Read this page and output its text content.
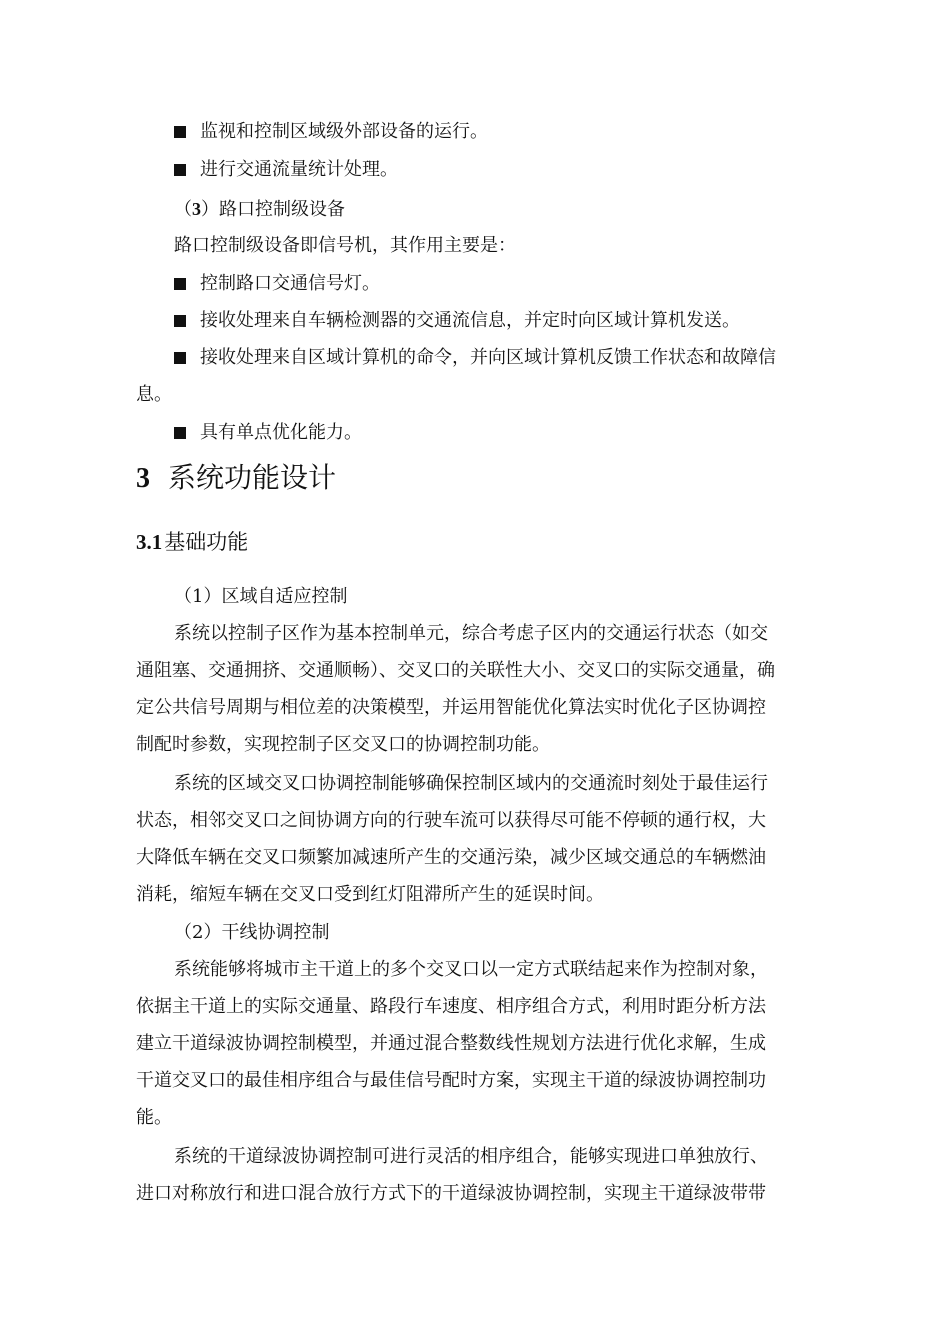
监视和控制区域级外部设备的运行。
进行交通流量统计处理。
（3）路口控制级设备
路口控制级设备即信号机，其作用主要是：
控制路口交通信号灯。
接收处理来自车辆检测器的交通流信息，并定时向区域计算机发送。
接收处理来自区域计算机的命令，并向区域计算机反馈工作状态和故障信
息。
具有单点优化能力。
3 系统功能设计
3.1基础功能
（1）区域自适应控制
系统以控制子区作为基本控制单元，综合考虑子区内的交通运行状态（如交
通阻塞、交通拥挤、交通顺畅）、交叉口的关联性大小、交叉口的实际交通量，确
定公共信号周期与相位差的决策模型，并运用智能优化算法实时优化子区协调控
制配时参数，实现控制子区交叉口的协调控制功能。
系统的区域交叉口协调控制能够确保控制区域内的交通流时刻处于最佳运行
状态，相邻交叉口之间协调方向的行驶车流可以获得尽可能不停顿的通行权，大
大降低车辆在交叉口频繁加减速所产生的交通污染，减少区域交通总的车辆燃油
消耗，缩短车辆在交叉口受到红灯阻滞所产生的延误时间。
（2）干线协调控制
系统能够将城市主干道上的多个交叉口以一定方式联结起来作为控制对象，
依据主干道上的实际交通量、路段行车速度、相序组合方式，利用时距分析方法
建立干道绿波协调控制模型，并通过混合整数线性规划方法进行优化求解，生成
干道交叉口的最佳相序组合与最佳信号配时方案，实现主干道的绿波协调控制功
能。
系统的干道绿波协调控制可进行灵活的相序组合，能够实现进口单独放行、
进口对称放行和进口混合放行方式下的干道绿波协调控制，实现主干道绿波带带
